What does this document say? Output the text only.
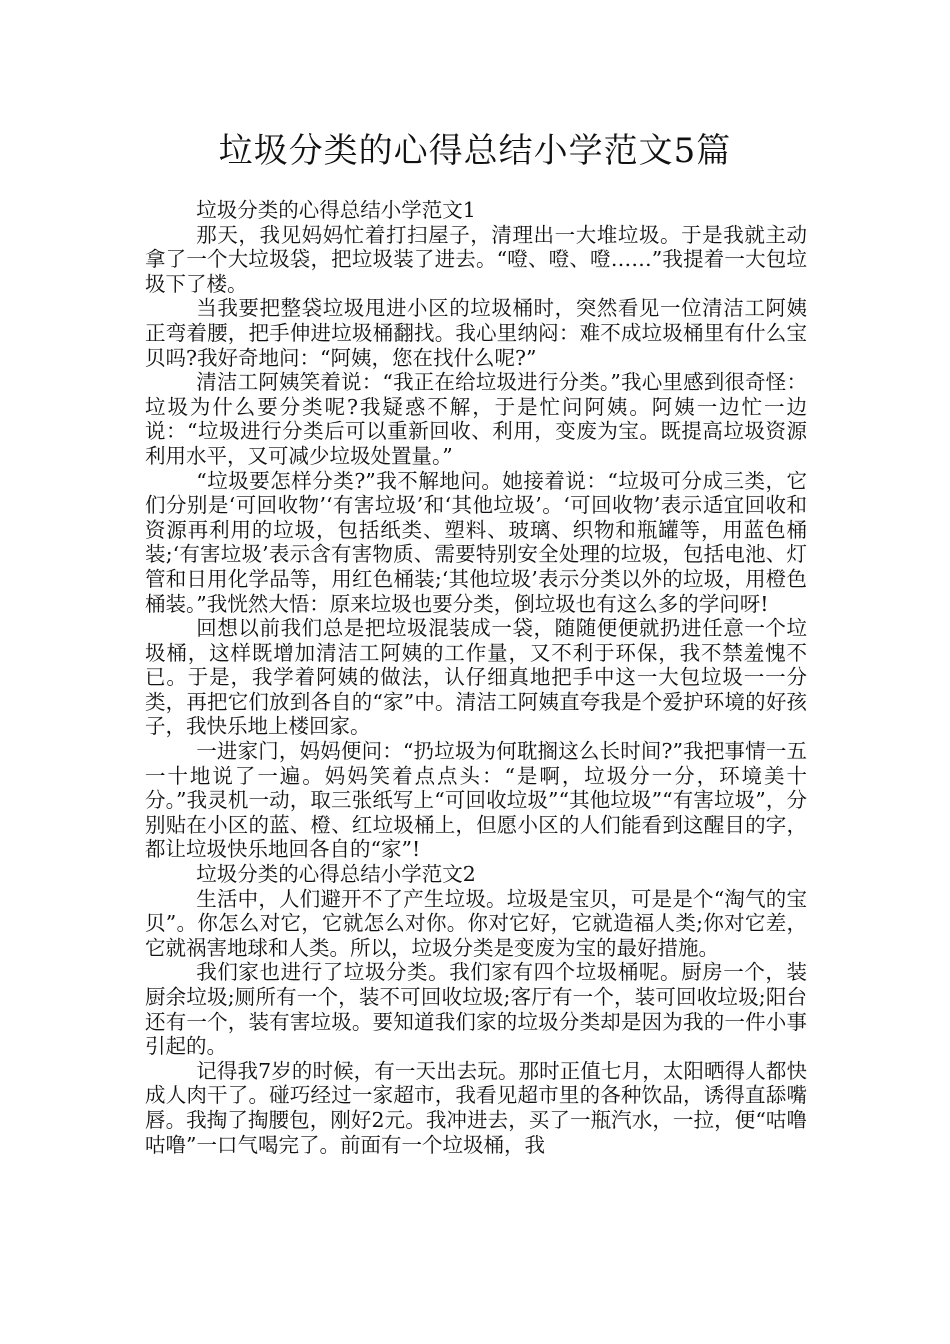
垃圾分类的心得总结小学范文5篇

垃圾分类的心得总结小学范文1

那天，我见妈妈忙着打扫屋子，清理出一大堆垃圾。于是我就主动拿了一个大垃圾袋，把垃圾装了进去。“噔、噔、噔……”我提着一大包垃圾下了楼。

当我要把整袋垃圾甩进小区的垃圾桶时，突然看见一位清洁工阿姨正弯着腰，把手伸进垃圾桶翻找。我心里纳闷：难不成垃圾桶里有什么宝贝吗?我好奇地问：“阿姨，您在找什么呢?”

清洁工阿姨笑着说：“我正在给垃圾进行分类。”我心里感到很奇怪：垃圾为什么要分类呢?我疑惑不解，于是忙问阿姨。阿姨一边忙一边说：“垃圾进行分类后可以重新回收、利用，变废为宝。既提高垃圾资源利用水平，又可减少垃圾处置量。”

“垃圾要怎样分类?”我不解地问。她接着说：“垃圾可分成三类，它们分别是‘可回收物’‘有害垃圾’和‘其他垃圾’。‘可回收物’表示适宜回收和资源再利用的垃圾，包括纸类、塑料、玻璃、织物和瓶罐等，用蓝色桶装;‘有害垃圾’表示含有害物质、需要特别安全处理的垃圾，包括电池、灯管和日用化学品等，用红色桶装;‘其他垃圾’表示分类以外的垃圾，用橙色桶装。”我恍然大悟：原来垃圾也要分类，倒垃圾也有这么多的学问呀!

回想以前我们总是把垃圾混装成一袋，随随便便就扔进任意一个垃圾桶，这样既增加清洁工阿姨的工作量，又不利于环保，我不禁羞愧不已。于是，我学着阿姨的做法，认仔细真地把手中这一大包垃圾一一分类，再把它们放到各自的“家”中。清洁工阿姨直夸我是个爱护环境的好孩子，我快乐地上楼回家。

一进家门，妈妈便问：“扔垃圾为何耽搁这么长时间?”我把事情一五一十地说了一遍。妈妈笑着点点头：“是啊，垃圾分一分，环境美十分。”我灵机一动，取三张纸写上“可回收垃圾”“其他垃圾”“有害垃圾”，分别贴在小区的蓝、橙、红垃圾桶上，但愿小区的人们能看到这醒目的字，都让垃圾快乐地回各自的“家”!

垃圾分类的心得总结小学范文2

生活中，人们避开不了产生垃圾。垃圾是宝贝，可是是个“淘气的宝贝”。你怎么对它，它就怎么对你。你对它好，它就造福人类;你对它差，它就祸害地球和人类。所以，垃圾分类是变废为宝的最好措施。

我们家也进行了垃圾分类。我们家有四个垃圾桶呢。厨房一个，装厨余垃圾;厕所有一个，装不可回收垃圾;客厅有一个，装可回收垃圾;阳台还有一个，装有害垃圾。要知道我们家的垃圾分类却是因为我的一件小事引起的。

记得我7岁的时候，有一天出去玩。那时正值七月，太阳晒得人都快成人肉干了。碰巧经过一家超市，我看见超市里的各种饮品，诱得直舔嘴唇。我掏了掏腰包，刚好2元。我冲进去，买了一瓶汽水，一拉，便“咕噜咕噜”一口气喝完了。前面有一个垃圾桶，我
